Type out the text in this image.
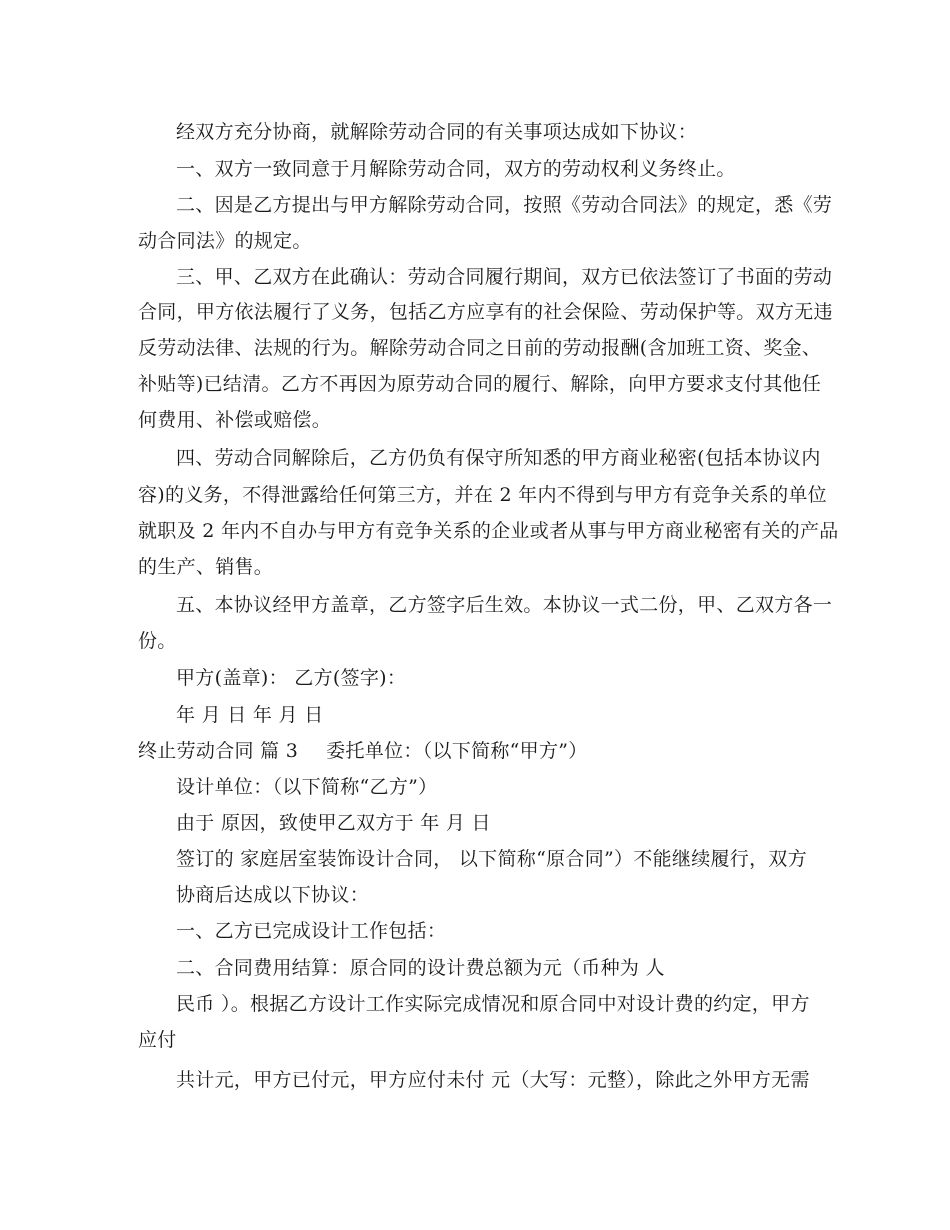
经双方充分协商，就解除劳动合同的有关事项达成如下协议：
一、双方一致同意于月解除劳动合同，双方的劳动权利义务终止。
二、因是乙方提出与甲方解除劳动合同，按照《劳动合同法》的规定，悉《劳
动合同法》的规定。
三、甲、乙双方在此确认：劳动合同履行期间，双方已依法签订了书面的劳动
合同，甲方依法履行了义务，包括乙方应享有的社会保险、劳动保护等。双方无违
反劳动法律、法规的行为。解除劳动合同之日前的劳动报酬(含加班工资、奖金、
补贴等)已结清。乙方不再因为原劳动合同的履行、解除，向甲方要求支付其他任
何费用、补偿或赔偿。
四、劳动合同解除后，乙方仍负有保守所知悉的甲方商业秘密(包括本协议内
容)的义务，不得泄露给任何第三方，并在 2 年内不得到与甲方有竞争关系的单位
就职及 2 年内不自办与甲方有竞争关系的企业或者从事与甲方商业秘密有关的产品
的生产、销售。
五、本协议经甲方盖章，乙方签字后生效。本协议一式二份，甲、乙双方各一
份。
甲方(盖章)： 乙方(签字)：
年 月 日 年 月 日
终止劳动合同 篇 3 委托单位：（以下简称“甲方”）
设计单位：（以下简称“乙方”）
由于 原因，致使甲乙双方于 年 月 日
签订的 家庭居室装饰设计合同， 以下简称“原合同”）不能继续履行，双方
协商后达成以下协议：
一、乙方已完成设计工作包括：
二、合同费用结算：原合同的设计费总额为元（币种为 人
民币 ）。根据乙方设计工作实际完成情况和原合同中对设计费的约定，甲方
应付
共计元，甲方已付元，甲方应付未付 元（大写：元整），除此之外甲方无需
